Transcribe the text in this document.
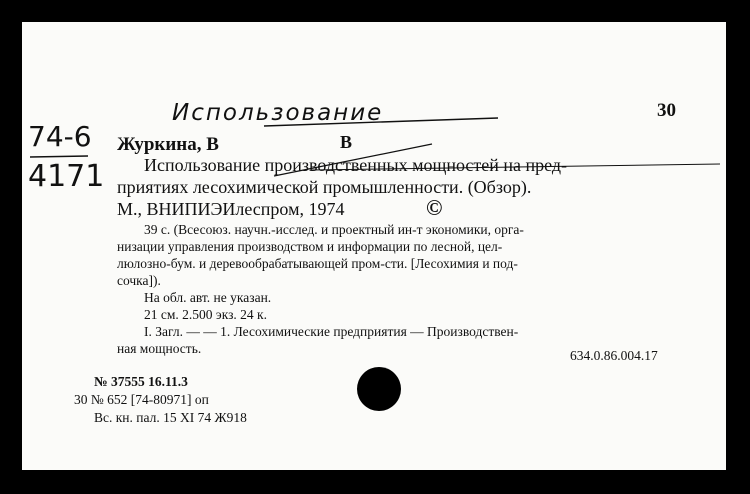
Использование
74-6
4171
30
Журкина, В	В
Использование производственных мощностей на пред-
приятиях лесохимической промышленности. (Обзор).
М., ВНИПИЭИлеспром, 1974	©
39 с. (Всесоюз. научн.-исслед. и проектный ин-т экономики, орга-
низации управления производством и информации по лесной, цел-
люлозно-бум. и деревообрабатывающей пром-сти. [Лесохимия и под-
сочка]).
На обл. авт. не указан.
21 см. 2.500 экз. 24 к.
I. Загл. — — 1. Лесохимические предприятия — Производствен-
ная мощность.	634.0.86.004.17
№ 37555 16.11.3
30 № 652 [74-80971] оп
Вс. кн. пал. 15 XI 74 Ж918
